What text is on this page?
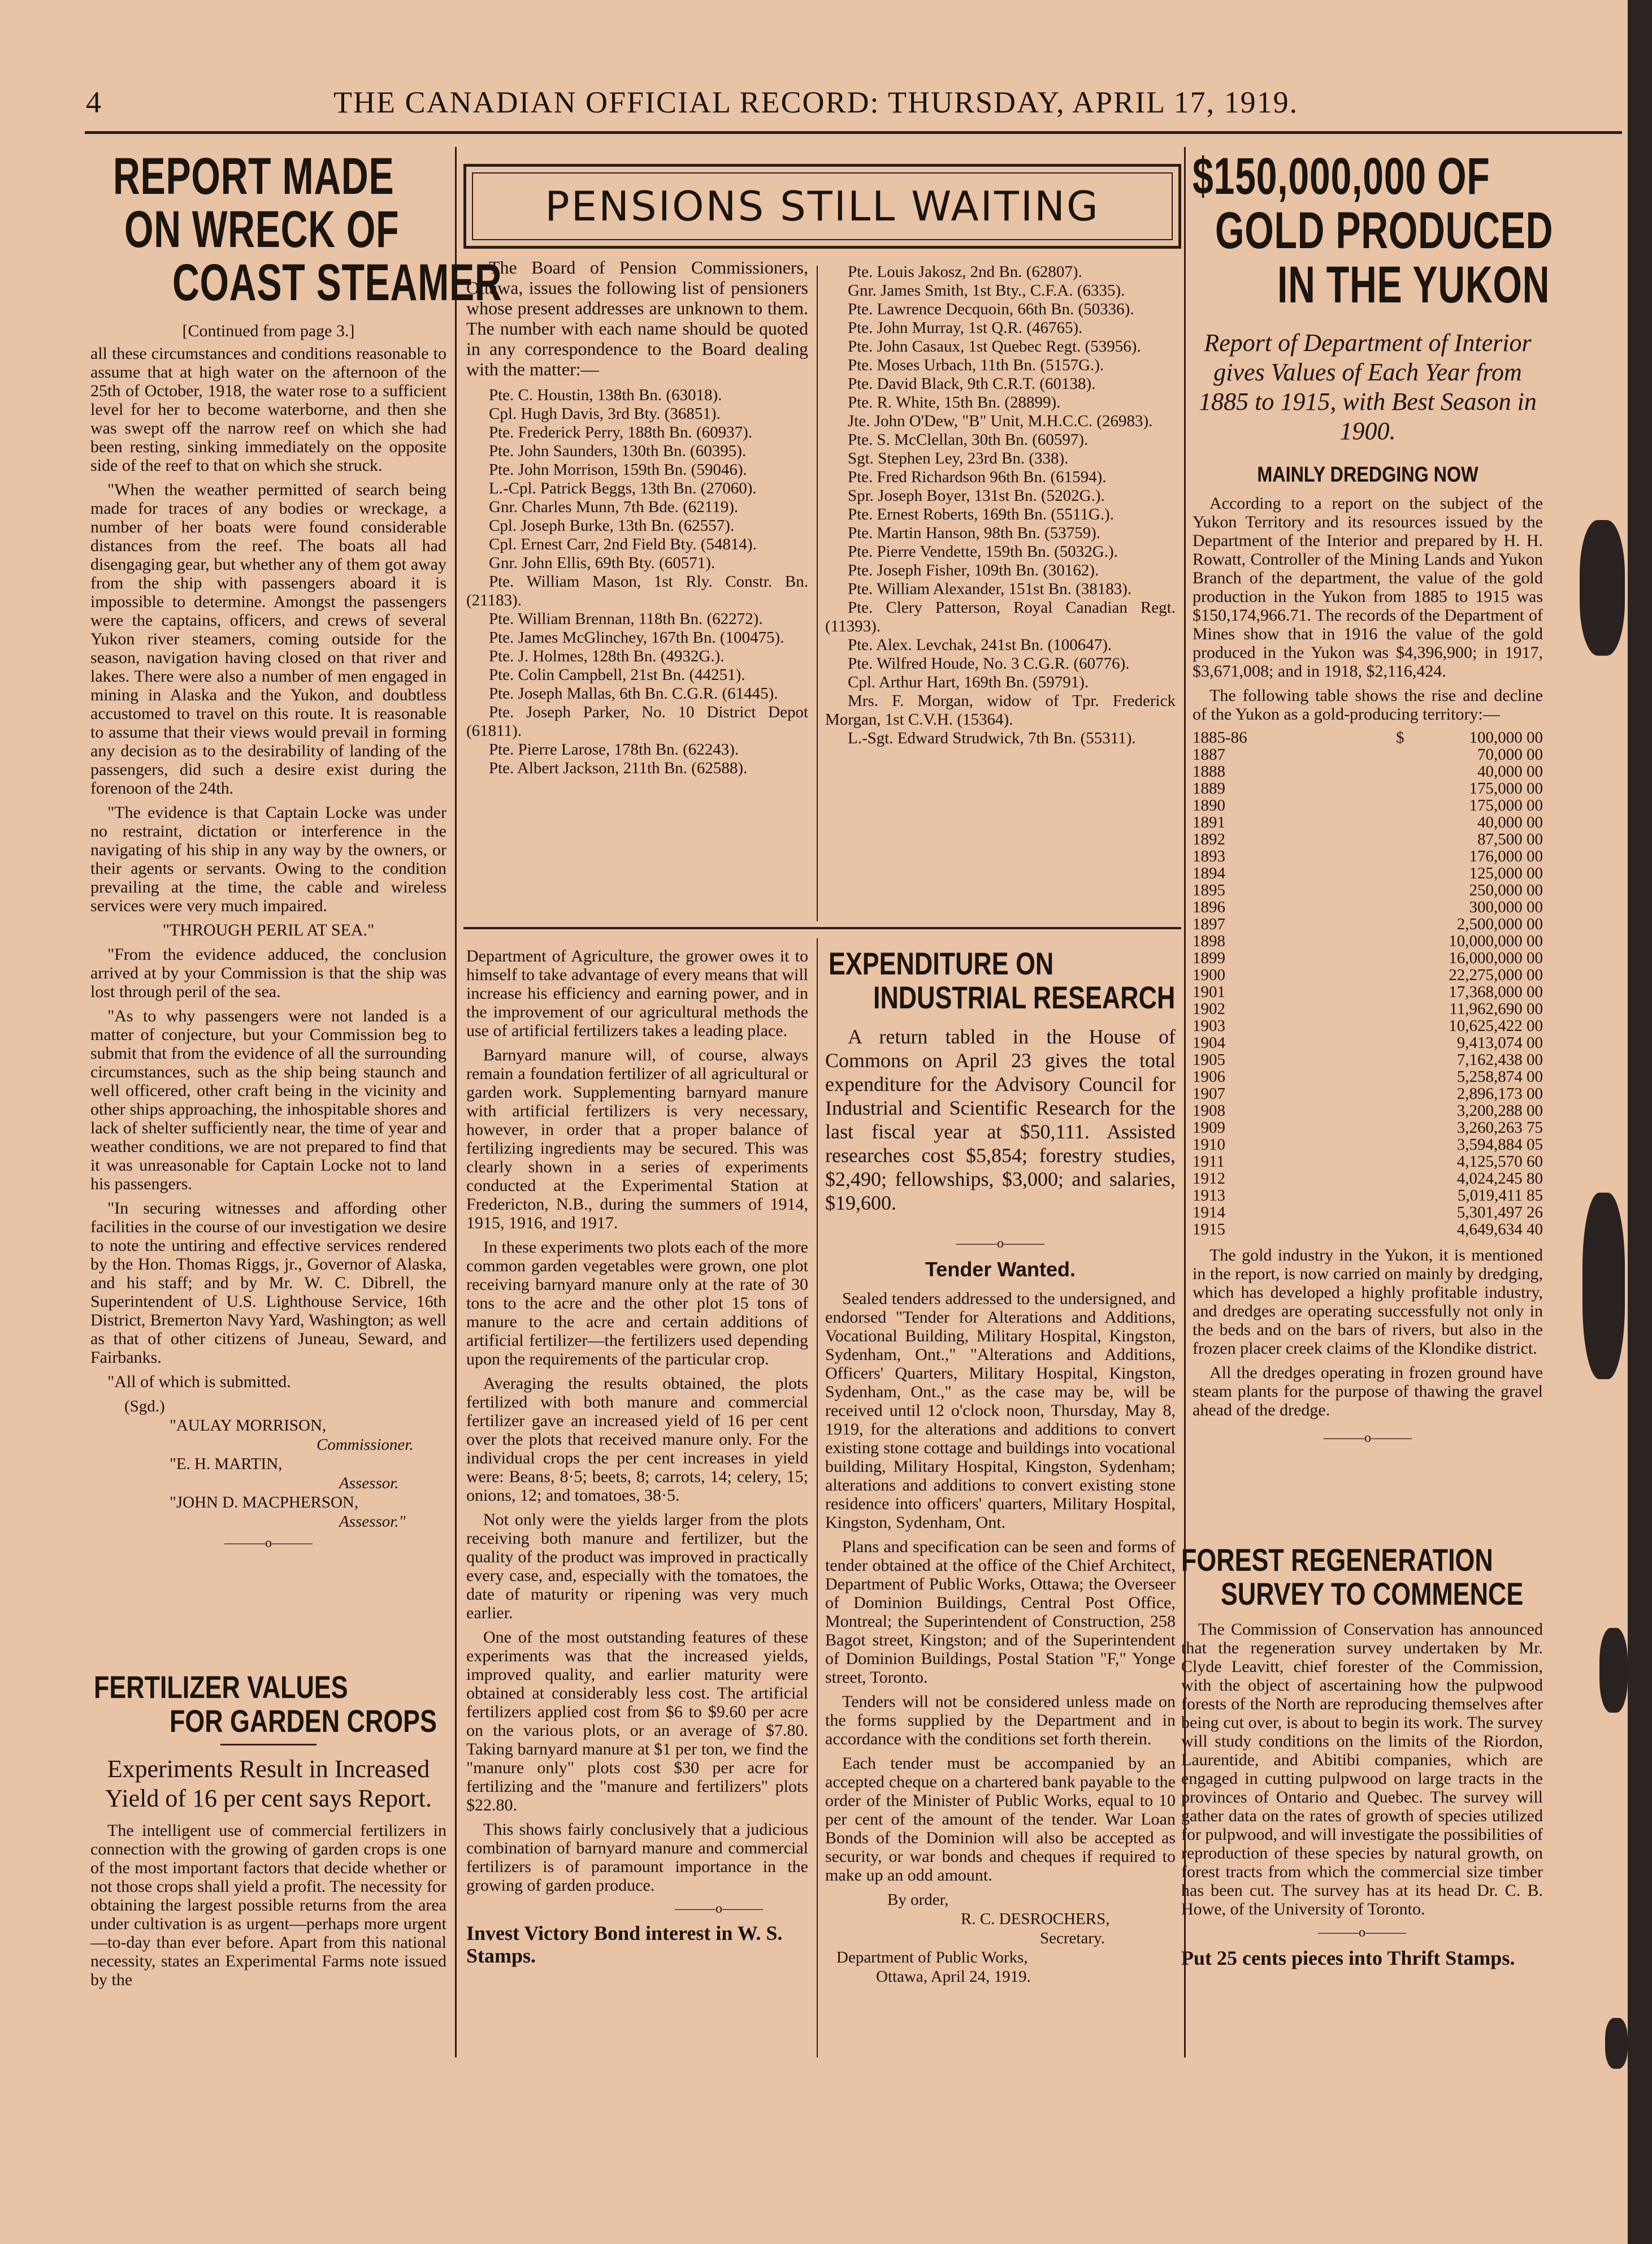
4	THE CANADIAN OFFICIAL RECORD: THURSDAY, APRIL 17, 1919.
REPORT MADE
ON WRECK OF
COAST STEAMER
[Continued from page 3.]

all these circumstances and conditions reasonable to assume that at high water on the afternoon of the 25th of October, 1918, the water rose to a sufficient level for her to become waterborne, and then she was swept off the narrow reef on which she had been resting, sinking immediately on the opposite side of the reef to that on which she struck.

"When the weather permitted of search being made for traces of any bodies or wreckage, a number of her boats were found considerable distances from the reef. The boats all had disengaging gear, but whether any of them got away from the ship with passengers aboard it is impossible to determine. Amongst the passengers were the captains, officers, and crews of several Yukon river steamers, coming outside for the season, navigation having closed on that river and lakes. There were also a number of men engaged in mining in Alaska and the Yukon, and doubtless accustomed to travel on this route. It is reasonable to assume that their views would prevail in forming any decision as to the desirability of landing of the passengers, did such a desire exist during the forenoon of the 24th.

"The evidence is that Captain Locke was under no restraint, dictation or interference in the navigating of his ship in any way by the owners, or their agents or servants. Owing to the condition prevailing at the time, the cable and wireless services were very much impaired.

"THROUGH PERIL AT SEA."

"From the evidence adduced, the conclusion arrived at by your Commission is that the ship was lost through peril of the sea.

"As to why passengers were not landed is a matter of conjecture, but your Commission beg to submit that from the evidence of all the surrounding circumstances, such as the ship being staunch and well officered, other craft being in the vicinity and other ships approaching, the inhospitable shores and lack of shelter sufficiently near, the time of year and weather conditions, we are not prepared to find that it was unreasonable for Captain Locke not to land his passengers.

"In securing witnesses and affording other facilities in the course of our investigation we desire to note the untiring and effective services rendered by the Hon. Thomas Riggs, jr., Governor of Alaska, and his staff; and by Mr. W. C. Dibrell, the Superintendent of U.S. Lighthouse Service, 16th District, Bremerton Navy Yard, Washington; as well as that of other citizens of Juneau, Seward, and Fairbanks.

"All of which is submitted.

(Sgd.)
"AULAY MORRISON,
Commissioner.
"E. H. MARTIN,
Assessor.
"JOHN D. MACPHERSON,
Assessor."
———o———
FERTILIZER VALUES
FOR GARDEN CROPS
Experiments Result in Increased Yield of 16 per cent says Report.

The intelligent use of commercial fertilizers in connection with the growing of garden crops is one of the most important factors that decide whether or not those crops shall yield a profit. The necessity for obtaining the largest possible returns from the area under cultivation is as urgent—perhaps more urgent—to-day than ever before. Apart from this national necessity, states an Experimental Farms note issued by the

PENSIONS STILL WAITING

The Board of Pension Commissioners, Ottawa, issues the following list of pensioners whose present addresses are unknown to them. The number with each name should be quoted in any correspondence to the Board dealing with the matter:—

Pte. C. Houstin, 138th Bn. (63018).
Cpl. Hugh Davis, 3rd Bty. (36851).
Pte. Frederick Perry, 188th Bn. (60937).
Pte. John Saunders, 130th Bn. (60395).
Pte. John Morrison, 159th Bn. (59046).
L.-Cpl. Patrick Beggs, 13th Bn. (27060).
Gnr. Charles Munn, 7th Bde. (62119).
Cpl. Joseph Burke, 13th Bn. (62557).
Cpl. Ernest Carr, 2nd Field Bty. (54814).
Gnr. John Ellis, 69th Bty. (60571).
Pte. William Mason, 1st Rly. Constr. Bn. (21183).
Pte. William Brennan, 118th Bn. (62272).
Pte. James McGlinchey, 167th Bn. (100475).
Pte. J. Holmes, 128th Bn. (4932G.).
Pte. Colin Campbell, 21st Bn. (44251).
Pte. Joseph Mallas, 6th Bn. C.G.R. (61445).
Pte. Joseph Parker, No. 10 District Depot (61811).
Pte. Pierre Larose, 178th Bn. (62243).
Pte. Albert Jackson, 211th Bn. (62588).
Pte. Louis Jakosz, 2nd Bn. (62807).
Gnr. James Smith, 1st Bty., C.F.A. (6335).
Pte. Lawrence Decquoin, 66th Bn. (50336).
Pte. John Murray, 1st Q.R. (46765).
Pte. John Casaux, 1st Quebec Regt. (53956).
Pte. Moses Urbach, 11th Bn. (5157G.).
Pte. David Black, 9th C.R.T. (60138).
Pte. R. White, 15th Bn. (28899).
Jte. John O'Dew, "B" Unit, M.H.C.C. (26983).
Pte. S. McClellan, 30th Bn. (60597).
Sgt. Stephen Ley, 23rd Bn. (338).
Pte. Fred Richardson 96th Bn. (61594).
Spr. Joseph Boyer, 131st Bn. (5202G.).
Pte. Ernest Roberts, 169th Bn. (5511G.).
Pte. Martin Hanson, 98th Bn. (53759).
Pte. Pierre Vendette, 159th Bn. (5032G.).
Pte. Joseph Fisher, 109th Bn. (30162).
Pte. William Alexander, 151st Bn. (38183).
Pte. Clery Patterson, Royal Canadian Regt. (11393).
Pte. Alex. Levchak, 241st Bn. (100647).
Pte. Wilfred Houde, No. 3 C.G.R. (60776).
Cpl. Arthur Hart, 169th Bn. (59791).
Mrs. F. Morgan, widow of Tpr. Frederick Morgan, 1st C.V.H. (15364).
L.-Sgt. Edward Strudwick, 7th Bn. (55311).

Department of Agriculture, the grower owes it to himself to take advantage of every means that will increase his efficiency and earning power, and in the improvement of our agricultural methods the use of artificial fertilizers takes a leading place.

Barnyard manure will, of course, always remain a foundation fertilizer of all agricultural or garden work. Supplementing barnyard manure with artificial fertilizers is very necessary, however, in order that a proper balance of fertilizing ingredients may be secured. This was clearly shown in a series of experiments conducted at the Experimental Station at Fredericton, N.B., during the summers of 1914, 1915, 1916, and 1917.

In these experiments two plots each of the more common garden vegetables were grown, one plot receiving barnyard manure only at the rate of 30 tons to the acre and the other plot 15 tons of manure to the acre and certain additions of artificial fertilizer—the fertilizers used depending upon the requirements of the particular crop.

Averaging the results obtained, the plots fertilized with both manure and commercial fertilizer gave an increased yield of 16 per cent over the plots that received manure only. For the individual crops the per cent increases in yield were: Beans, 8·5; beets, 8; carrots, 14; celery, 15; onions, 12; and tomatoes, 38·5.

Not only were the yields larger from the plots receiving both manure and fertilizer, but the quality of the product was improved in practically every case, and, especially with the tomatoes, the date of maturity or ripening was very much earlier.

One of the most outstanding features of these experiments was that the increased yields, improved quality, and earlier maturity were obtained at considerably less cost. The artificial fertilizers applied cost from $6 to $9.60 per acre on the various plots, or an average of $7.80. Taking barnyard manure at $1 per ton, we find the "manure only" plots cost $30 per acre for fertilizing and the "manure and fertilizers" plots $22.80.

This shows fairly conclusively that a judicious combination of barnyard manure and commercial fertilizers is of paramount importance in the growing of garden produce.

———o———
Invest Victory Bond interest in W. S. Stamps.
EXPENDITURE ON
INDUSTRIAL RESEARCH

A return tabled in the House of Commons on April 23 gives the total expenditure for the Advisory Council for Industrial and Scientific Research for the last fiscal year at $50,111. Assisted researches cost $5,854; forestry studies, $2,490; fellowships, $3,000; and salaries, $19,600.

———o———
Tender Wanted.

Sealed tenders addressed to the undersigned, and endorsed "Tender for Alterations and Additions, Vocational Building, Military Hospital, Kingston, Sydenham, Ont.," "Alterations and Additions, Officers' Quarters, Military Hospital, Kingston, Sydenham, Ont.," as the case may be, will be received until 12 o'clock noon, Thursday, May 8, 1919, for the alterations and additions to convert existing stone cottage and buildings into vocational building, Military Hospital, Kingston, Sydenham; alterations and additions to convert existing stone residence into officers' quarters, Military Hospital, Kingston, Sydenham, Ont.

Plans and specification can be seen and forms of tender obtained at the office of the Chief Architect, Department of Public Works, Ottawa; the Overseer of Dominion Buildings, Central Post Office, Montreal; the Superintendent of Construction, 258 Bagot street, Kingston; and of the Superintendent of Dominion Buildings, Postal Station "F," Yonge street, Toronto.

Tenders will not be considered unless made on the forms supplied by the Department and in accordance with the conditions set forth therein.

Each tender must be accompanied by an accepted cheque on a chartered bank payable to the order of the Minister of Public Works, equal to 10 per cent of the amount of the tender. War Loan Bonds of the Dominion will also be accepted as security, or war bonds and cheques if required to make up an odd amount.

By order,
R. C. DESROCHERS,
Secretary.
Department of Public Works,
Ottawa, April 24, 1919.
$150,000,000 OF
GOLD PRODUCED
IN THE YUKON
Report of Department of Interior gives Values of Each Year from 1885 to 1915, with Best Season in 1900.
MAINLY DREDGING NOW

According to a report on the subject of the Yukon Territory and its resources issued by the Department of the Interior and prepared by H. H. Rowatt, Controller of the Mining Lands and Yukon Branch of the department, the value of the gold production in the Yukon from 1885 to 1915 was $150,174,966.71. The records of the Department of Mines show that in 1916 the value of the gold produced in the Yukon was $4,396,900; in 1917, $3,671,008; and in 1918, $2,116,424.

The following table shows the rise and decline of the Yukon as a gold-producing territory:—

1885-86	$	100,000 00
1887		70,000 00
1888		40,000 00
1889		175,000 00
1890		175,000 00
1891		40,000 00
1892		87,500 00
1893		176,000 00
1894		125,000 00
1895		250,000 00
1896		300,000 00
1897		2,500,000 00
1898		10,000,000 00
1899		16,000,000 00
1900		22,275,000 00
1901		17,368,000 00
1902		11,962,690 00
1903		10,625,422 00
1904		9,413,074 00
1905		7,162,438 00
1906		5,258,874 00
1907		2,896,173 00
1908		3,200,288 00
1909		3,260,263 75
1910		3,594,884 05
1911		4,125,570 60
1912		4,024,245 80
1913		5,019,411 85
1914		5,301,497 26
1915		4,649,634 40

The gold industry in the Yukon, it is mentioned in the report, is now carried on mainly by dredging, which has developed a highly profitable industry, and dredges are operating successfully not only in the beds and on the bars of rivers, but also in the frozen placer creek claims of the Klondike district.

All the dredges operating in frozen ground have steam plants for the purpose of thawing the gravel ahead of the dredge.

———o———
FOREST REGENERATION
SURVEY TO COMMENCE

The Commission of Conservation has announced that the regeneration survey undertaken by Mr. Clyde Leavitt, chief forester of the Commission, with the object of ascertaining how the pulpwood forests of the North are reproducing themselves after being cut over, is about to begin its work. The survey will study conditions on the limits of the Riordon, Laurentide, and Abitibi companies, which are engaged in cutting pulpwood on large tracts in the provinces of Ontario and Quebec. The survey will gather data on the rates of growth of species utilized for pulpwood, and will investigate the possibilities of reproduction of these species by natural growth, on forest tracts from which the commercial size timber has been cut. The survey has at its head Dr. C. B. Howe, of the University of Toronto.

———o———
Put 25 cents pieces into Thrift Stamps.
